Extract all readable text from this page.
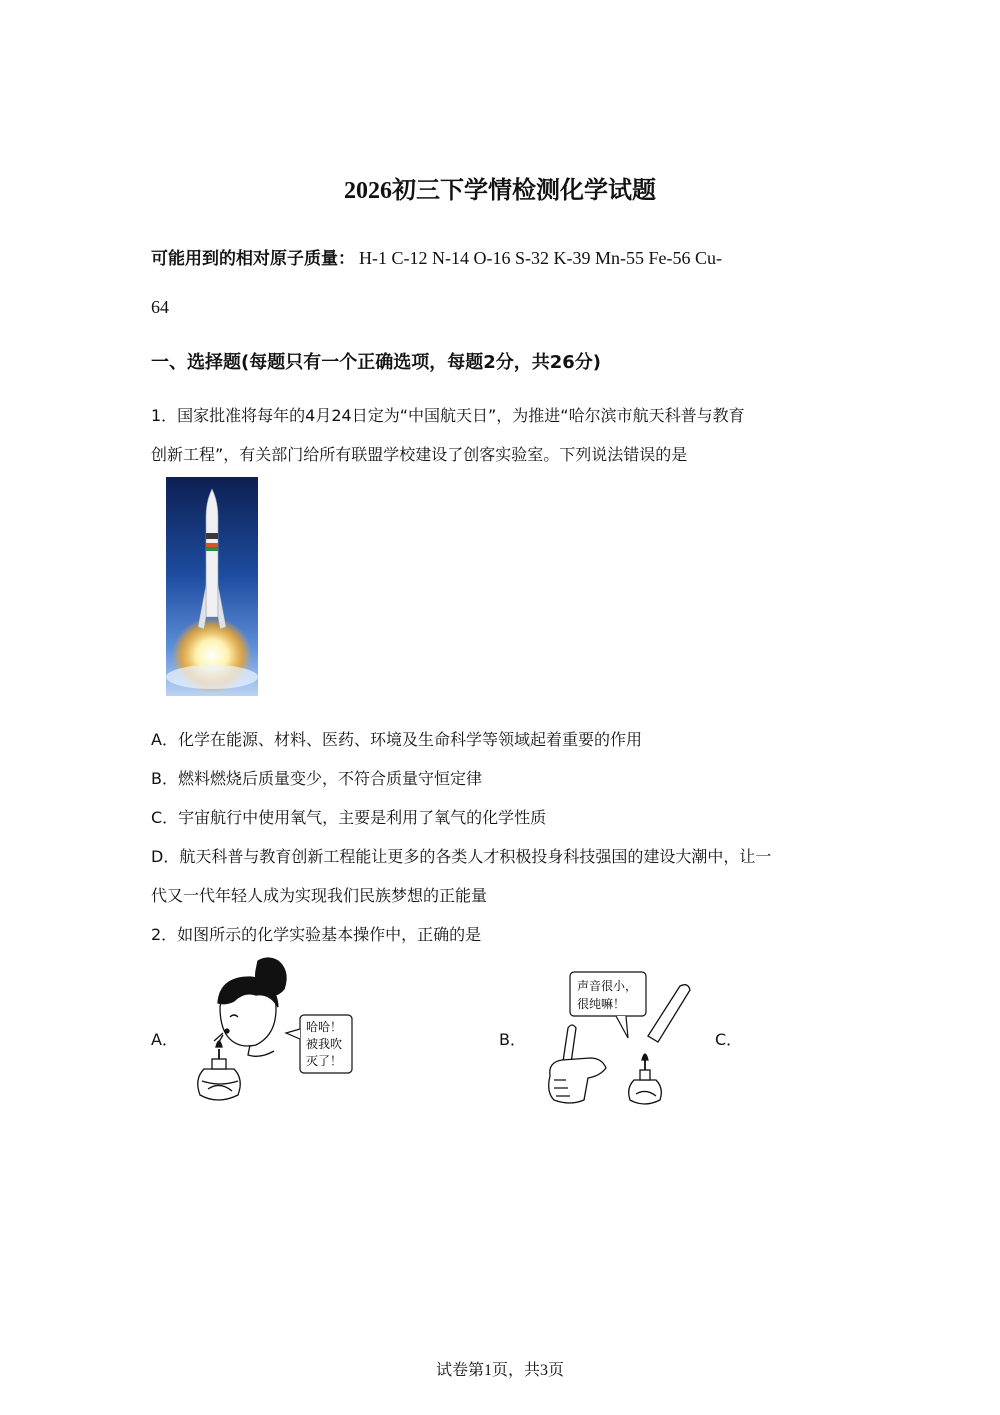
2026初三下学情检测化学试题
可能用到的相对原子质量： H-1 C-12 N-14 O-16 S-32 K-39 Mn-55 Fe-56 Cu-
64
一、选择题(每题只有一个正确选项，每题2分，共26分)
1．国家批准将每年的4月24日定为“中国航天日”，为推进“哈尔滨市航天科普与教育
创新工程”，有关部门给所有联盟学校建设了创客实验室。下列说法错误的是
A．化学在能源、材料、医药、环境及生命科学等领域起着重要的作用
B．燃料燃烧后质量变少，不符合质量守恒定律
C．宇宙航行中使用氧气，主要是利用了氧气的化学性质
D．航天科普与教育创新工程能让更多的各类人才积极投身科技强国的建设大潮中，让一
代又一代年轻人成为实现我们民族梦想的正能量
2．如图所示的化学实验基本操作中，正确的是
A．	B．	C．
哈哈！
被我吹
灭了！
声音很小，
很纯嘛！
试卷第1页，共3页
